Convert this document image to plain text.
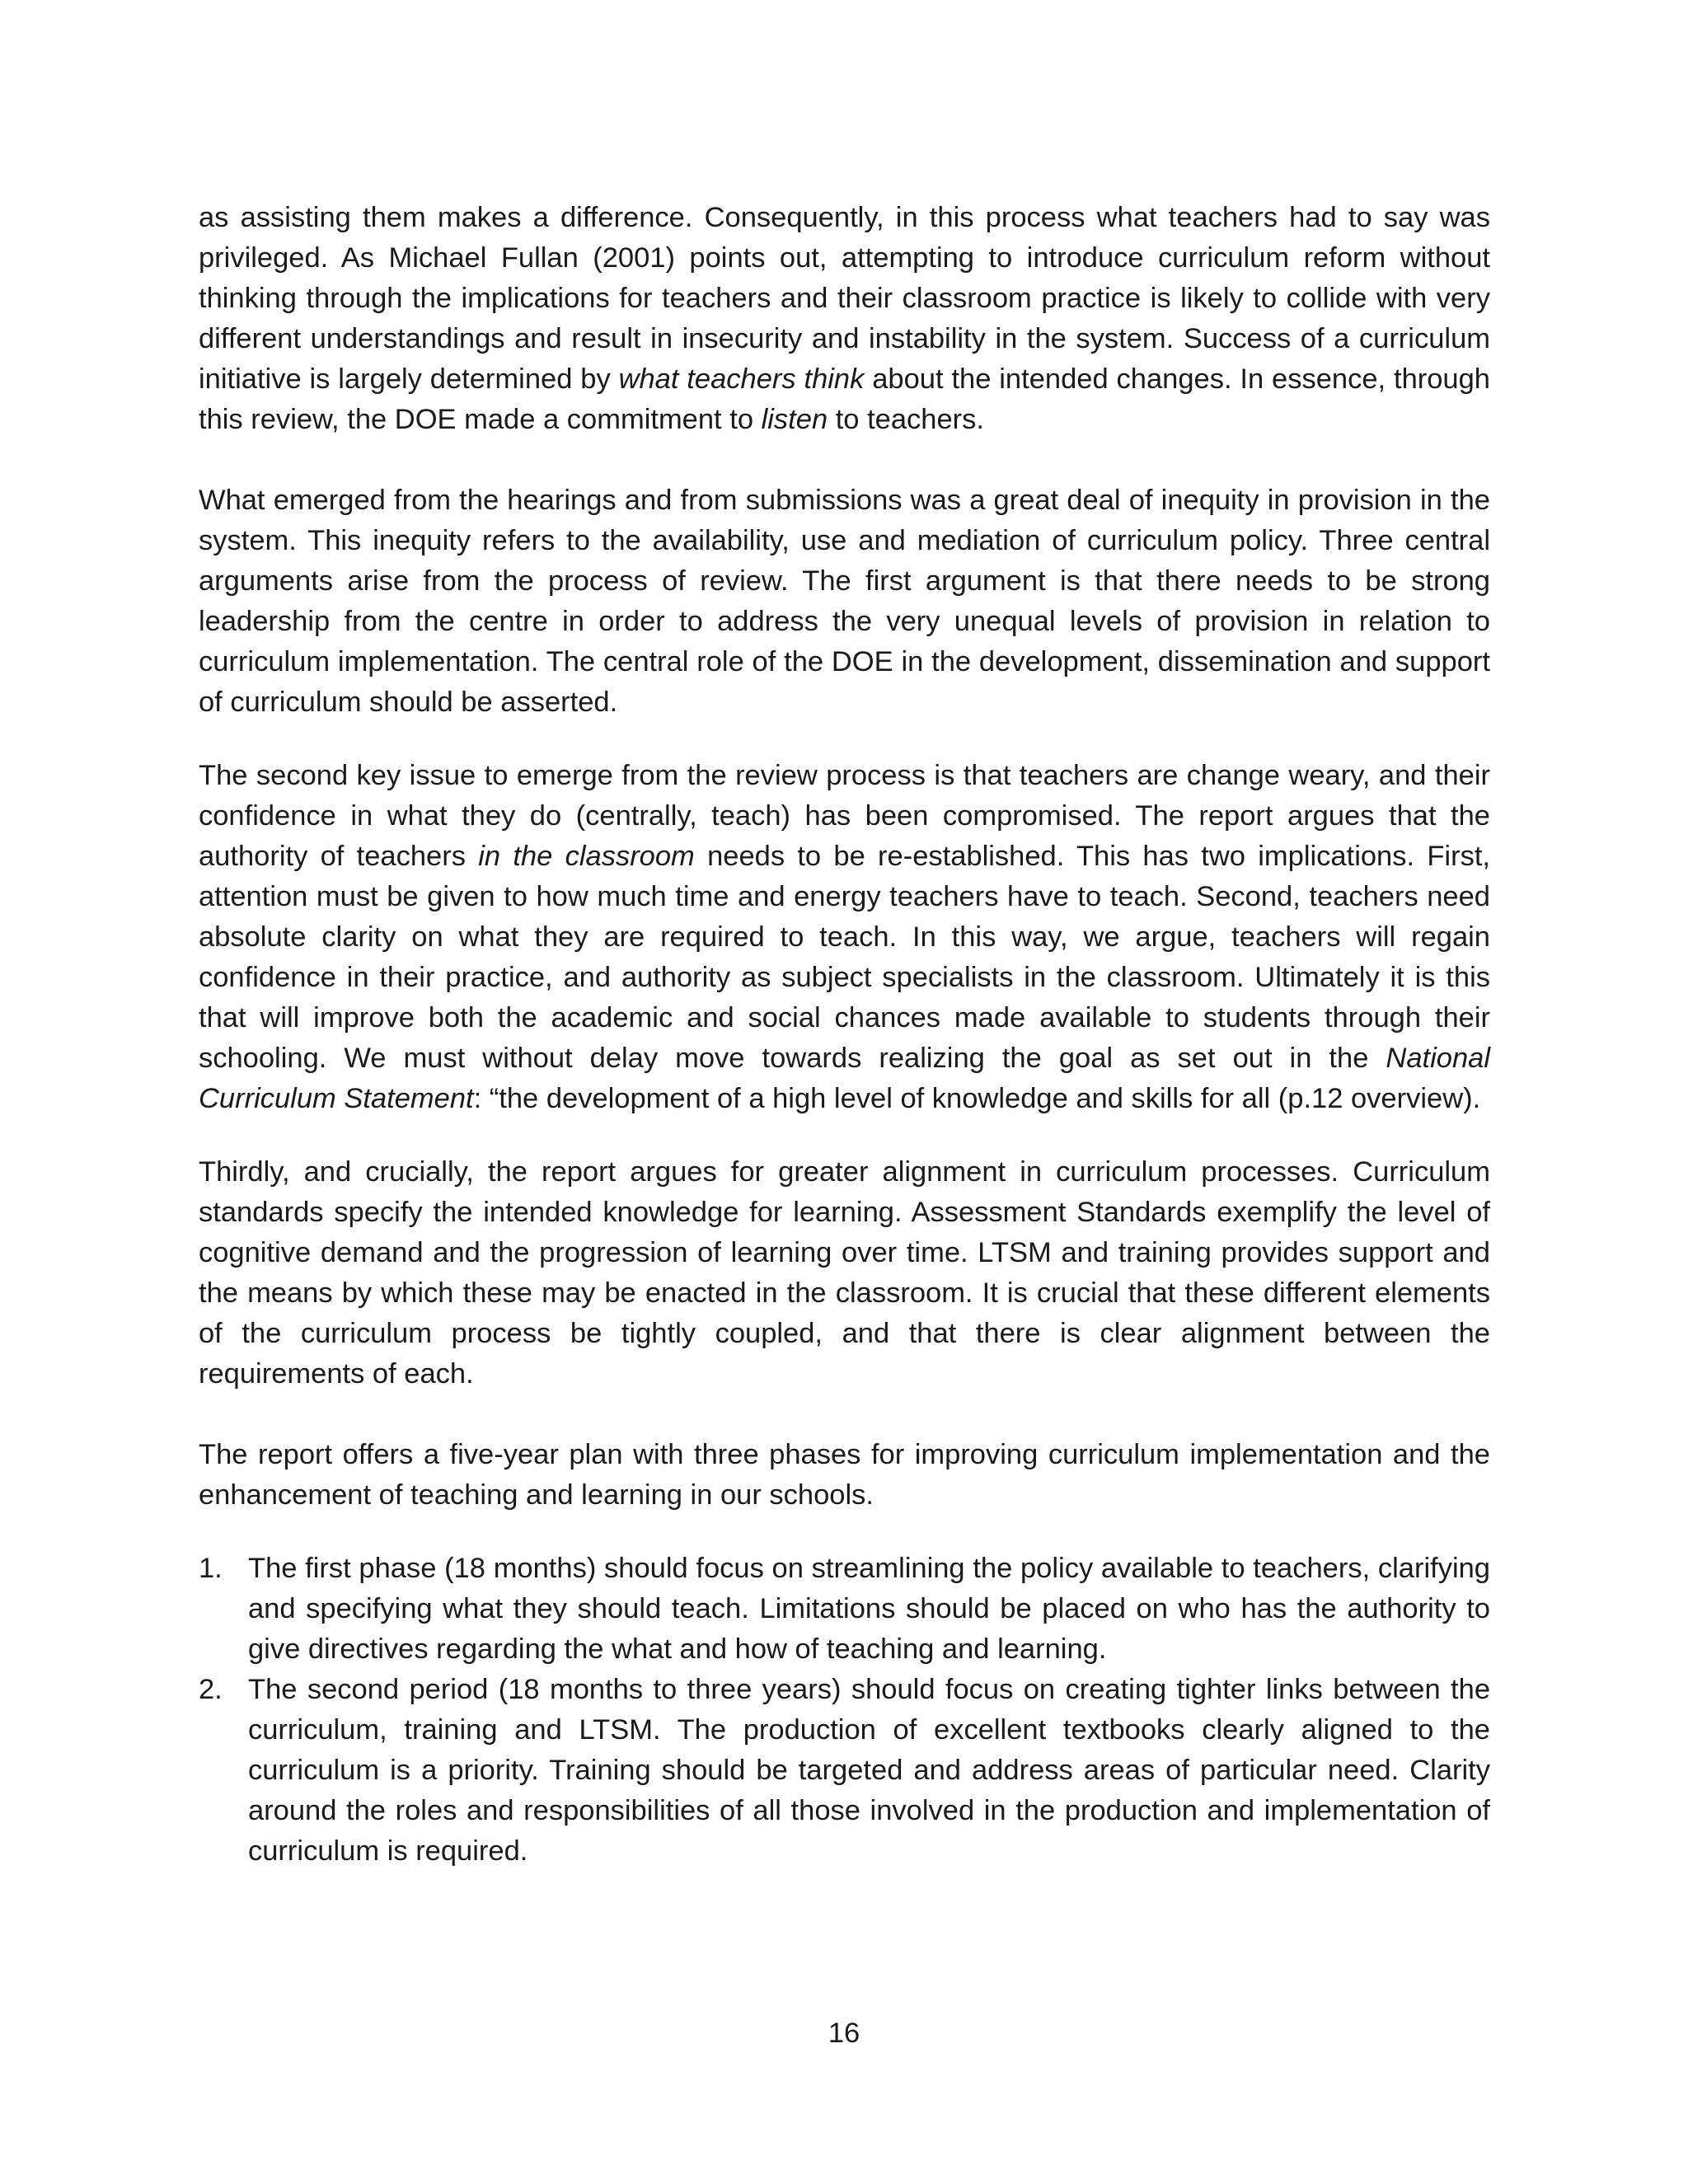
as assisting them makes a difference. Consequently, in this process what teachers had to say was privileged. As Michael Fullan (2001) points out, attempting to introduce curriculum reform without thinking through the implications for teachers and their classroom practice is likely to collide with very different understandings and result in insecurity and instability in the system. Success of a curriculum initiative is largely determined by what teachers think about the intended changes. In essence, through this review, the DOE made a commitment to listen to teachers.

What emerged from the hearings and from submissions was a great deal of inequity in provision in the system. This inequity refers to the availability, use and mediation of curriculum policy. Three central arguments arise from the process of review. The first argument is that there needs to be strong leadership from the centre in order to address the very unequal levels of provision in relation to curriculum implementation. The central role of the DOE in the development, dissemination and support of curriculum should be asserted.

The second key issue to emerge from the review process is that teachers are change weary, and their confidence in what they do (centrally, teach) has been compromised. The report argues that the authority of teachers in the classroom needs to be re-established. This has two implications. First, attention must be given to how much time and energy teachers have to teach. Second, teachers need absolute clarity on what they are required to teach. In this way, we argue, teachers will regain confidence in their practice, and authority as subject specialists in the classroom. Ultimately it is this that will improve both the academic and social chances made available to students through their schooling. We must without delay move towards realizing the goal as set out in the National Curriculum Statement: “the development of a high level of knowledge and skills for all (p.12 overview).

Thirdly, and crucially, the report argues for greater alignment in curriculum processes. Curriculum standards specify the intended knowledge for learning. Assessment Standards exemplify the level of cognitive demand and the progression of learning over time. LTSM and training provides support and the means by which these may be enacted in the classroom. It is crucial that these different elements of the curriculum process be tightly coupled, and that there is clear alignment between the requirements of each.

The report offers a five-year plan with three phases for improving curriculum implementation and the enhancement of teaching and learning in our schools.

1. The first phase (18 months) should focus on streamlining the policy available to teachers, clarifying and specifying what they should teach. Limitations should be placed on who has the authority to give directives regarding the what and how of teaching and learning.
2. The second period (18 months to three years) should focus on creating tighter links between the curriculum, training and LTSM. The production of excellent textbooks clearly aligned to the curriculum is a priority. Training should be targeted and address areas of particular need. Clarity around the roles and responsibilities of all those involved in the production and implementation of curriculum is required.
16
